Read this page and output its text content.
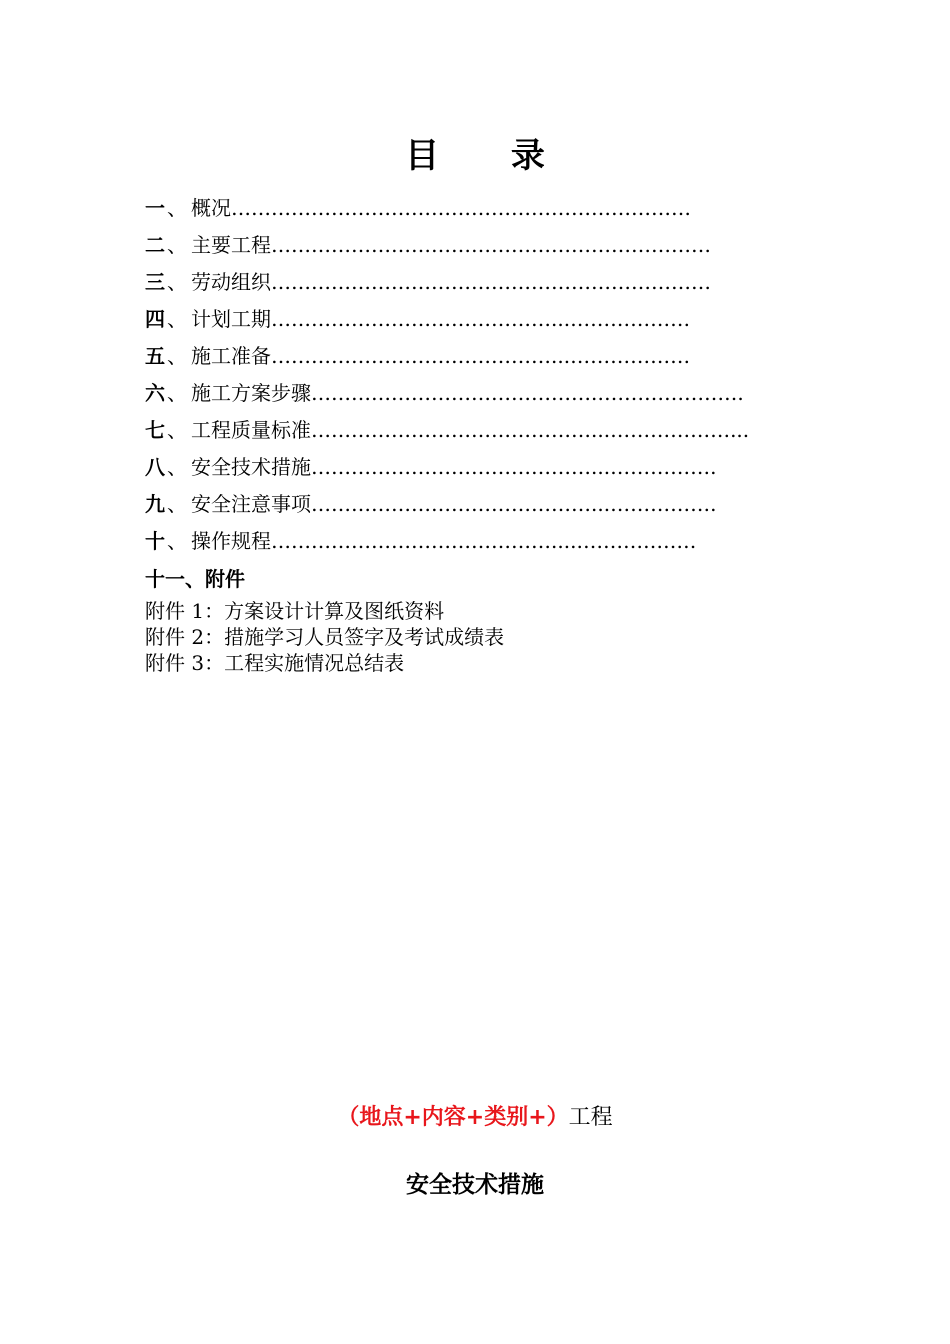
目 录
一 、 概况……………………………………………………………
二 、 主要工程…………………………………………………………
三 、 劳动组织…………………………………………………………
四 、 计划工期……………………………………...………………
五 、 施工准备……………………………………...………………
六 、 施工方案步骤…………………………………….………………….
七 、 工程质量标准……………………………………...………………...
八 、 安全技术措施……………………………………...…………….
九 、 安全注意事项……………………………………...…………….
十 、 操作规程……………………………………....………………
十一、附件
附件 1：方案设计计算及图纸资料
附件 2：措施学习人员签字及考试成绩表
附件 3：工程实施情况总结表
（地点+内容+类别+）工程
安全技术措施
